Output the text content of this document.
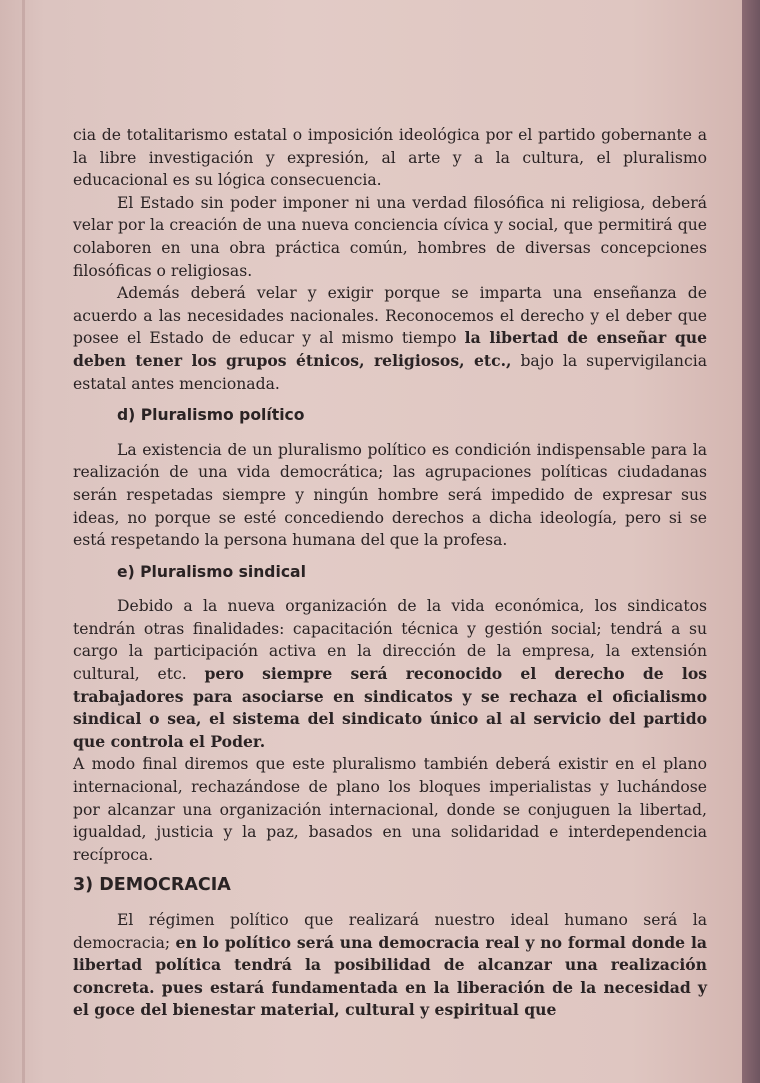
cia de totalitarismo estatal o imposición ideológica por el partido gobernante a la libre investigación y expresión, al arte y a la cultura, el pluralismo educacional es su lógica consecuencia.

El Estado sin poder imponer ni una verdad filosófica ni religiosa, deberá velar por la creación de una nueva conciencia cívica y social, que permitirá que colaboren en una obra práctica común, hombres de diversas concepciones filosóficas o religiosas.

Además deberá velar y exigir porque se imparta una enseñanza de acuerdo a las necesidades nacionales. Reconocemos el derecho y el deber que posee el Estado de educar y al mismo tiempo la libertad de enseñar que deben tener los grupos étnicos, religiosos, etc., bajo la supervigilancia estatal antes mencionada.

d) Pluralismo político

La existencia de un pluralismo político es condición indispensable para la realización de una vida democrática; las agrupaciones políticas ciudadanas serán respetadas siempre y ningún hombre será impedido de expresar sus ideas, no porque se esté concediendo derechos a dicha ideología, pero si se está respetando la persona humana del que la profesa.

e) Pluralismo sindical

Debido a la nueva organización de la vida económica, los sindicatos tendrán otras finalidades: capacitación técnica y gestión social; tendrá a su cargo la participación activa en la dirección de la empresa, la extensión cultural, etc. pero siempre será reconocido el derecho de los trabajadores para asociarse en sindicatos y se rechaza el oficialismo sindical o sea, el sistema del sindicato único al al servicio del partido que controla el Poder.

A modo final diremos que este pluralismo también deberá existir en el plano internacional, rechazándose de plano los bloques imperialistas y luchándose por alcanzar una organización internacional, donde se conjuguen la libertad, igualdad, justicia y la paz, basados en una solidaridad e interdependencia recíproca.

3) DEMOCRACIA

El régimen político que realizará nuestro ideal humano será la democracia; en lo político será una democracia real y no formal donde la libertad política tendrá la posibilidad de alcanzar una realización concreta. pues estará fundamentada en la liberación de la necesidad y el goce del bienestar material, cultural y espiritual que
